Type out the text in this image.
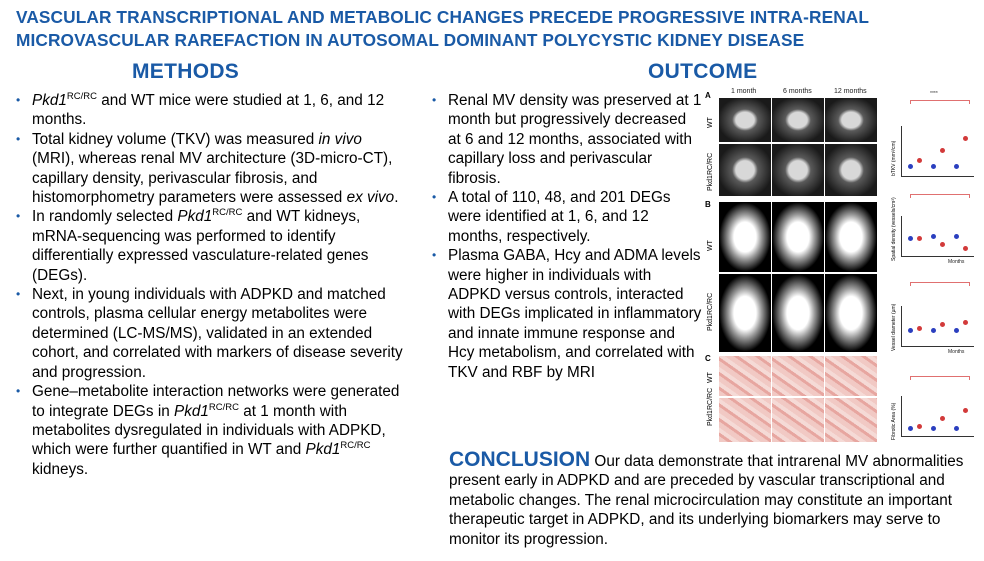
VASCULAR TRANSCRIPTIONAL AND METABOLIC CHANGES PRECEDE PROGRESSIVE INTRA-RENAL
MICROVASCULAR RAREFACTION IN AUTOSOMAL DOMINANT POLYCYSTIC KIDNEY DISEASE
METHODS	OUTCOME
• $Pkd1^{RC/RC}$ and WT mice were studied at 1, 6, and 12 months.
• Total kidney volume (TKV) was measured in vivo (MRI), whereas renal MV architecture (3D-micro-CT), capillary density, perivascular fibrosis, and histomorphometry parameters were assessed ex vivo.
• In randomly selected $Pkd1^{RC/RC}$ and WT kidneys, mRNA-sequencing was performed to identify differentially expressed vasculature-related genes (DEGs).
• Next, in young individuals with ADPKD and matched controls, plasma cellular energy metabolites were determined (LC-MS/MS), validated in an extended cohort, and correlated with markers of disease severity and progression.
• Gene–metabolite interaction networks were generated to integrate DEGs in $Pkd1^{RC/RC}$ at 1 month with metabolites dysregulated in individuals with ADPKD, which were further quantified in WT and $Pkd1^{RC/RC}$ kidneys.
• Renal MV density was preserved at 1 month but progressively decreased at 6 and 12 months, associated with capillary loss and perivascular fibrosis.
• A total of 110, 48, and 201 DEGs were identified at 1, 6, and 12 months, respectively.
• Plasma GABA, Hcy and ADMA levels were higher in individuals with ADPKD versus controls, interacted with DEGs implicated in inflammatory and innate immune response and Hcy metabolism, and correlated with TKV and RBF by MRI
1 month	6 months	12 months
A
WT
Pkd1RC/RC
B
WT
Pkd1RC/RC
C
WT
Pkd1RC/RC
bTKV (mm³/cm)
****
Spatial density (vessels/cm³)
Months
Vessel diameter (µm)
Months
Fibrotic Area (%)
CONCLUSION Our data demonstrate that intrarenal MV abnormalities present early in ADPKD and are preceded by vascular transcriptional and metabolic changes. The renal microcirculation may constitute an important therapeutic target in ADPKD, and its underlying biomarkers may serve to monitor its progression.
